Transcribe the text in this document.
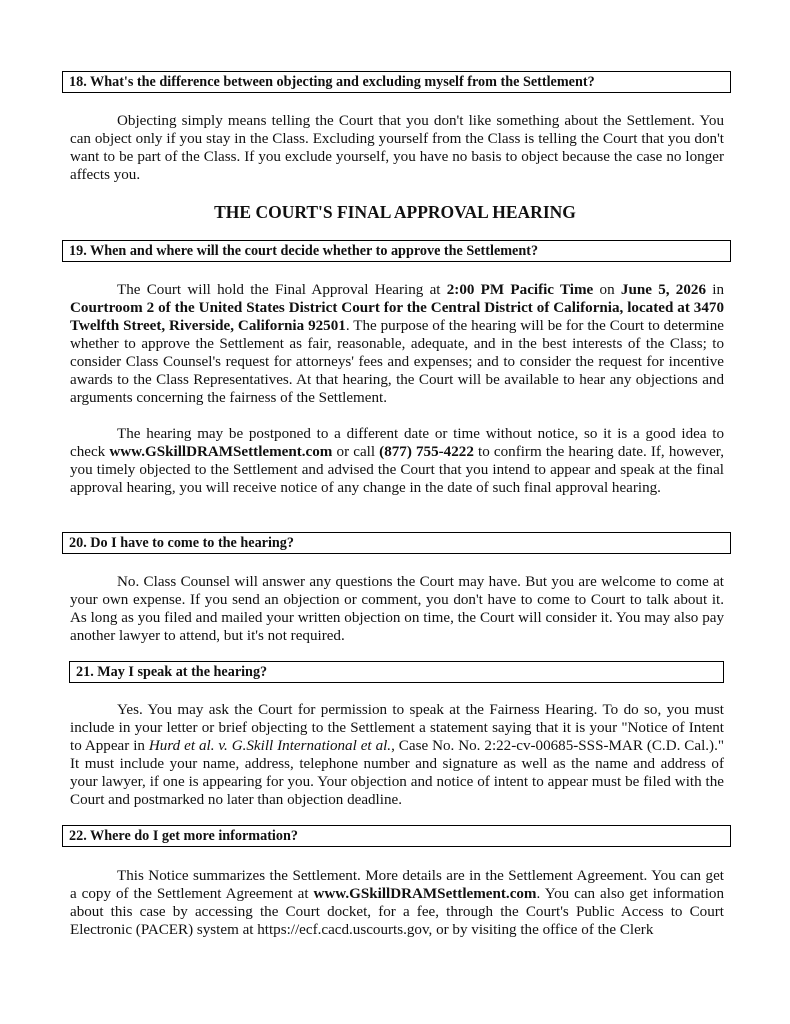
18. What's the difference between objecting and excluding myself from the Settlement?

Objecting simply means telling the Court that you don't like something about the Settlement. You can object only if you stay in the Class. Excluding yourself from the Class is telling the Court that you don't want to be part of the Class. If you exclude yourself, you have no basis to object because the case no longer affects you.

THE COURT'S FINAL APPROVAL HEARING
19. When and where will the court decide whether to approve the Settlement?

The Court will hold the Final Approval Hearing at 2:00 PM Pacific Time on June 5, 2026 in Courtroom 2 of the United States District Court for the Central District of California, located at 3470 Twelfth Street, Riverside, California 92501. The purpose of the hearing will be for the Court to determine whether to approve the Settlement as fair, reasonable, adequate, and in the best interests of the Class; to consider Class Counsel's request for attorneys' fees and expenses; and to consider the request for incentive awards to the Class Representatives. At that hearing, the Court will be available to hear any objections and arguments concerning the fairness of the Settlement.

The hearing may be postponed to a different date or time without notice, so it is a good idea to check www.GSkillDRAMSettlement.com or call (877) 755-4222 to confirm the hearing date. If, however, you timely objected to the Settlement and advised the Court that you intend to appear and speak at the final approval hearing, you will receive notice of any change in the date of such final approval hearing.

20. Do I have to come to the hearing?

No. Class Counsel will answer any questions the Court may have. But you are welcome to come at your own expense. If you send an objection or comment, you don't have to come to Court to talk about it. As long as you filed and mailed your written objection on time, the Court will consider it. You may also pay another lawyer to attend, but it's not required.

21. May I speak at the hearing?

Yes. You may ask the Court for permission to speak at the Fairness Hearing. To do so, you must include in your letter or brief objecting to the Settlement a statement saying that it is your "Notice of Intent to Appear in Hurd et al. v. G.Skill International et al., Case No. No. 2:22-cv-00685-SSS-MAR (C.D. Cal.)." It must include your name, address, telephone number and signature as well as the name and address of your lawyer, if one is appearing for you. Your objection and notice of intent to appear must be filed with the Court and postmarked no later than objection deadline.

22. Where do I get more information?

This Notice summarizes the Settlement. More details are in the Settlement Agreement. You can get a copy of the Settlement Agreement at www.GSkillDRAMSettlement.com. You can also get information about this case by accessing the Court docket, for a fee, through the Court's Public Access to Court Electronic (PACER) system at https://ecf.cacd.uscourts.gov, or by visiting the office of the Clerk
